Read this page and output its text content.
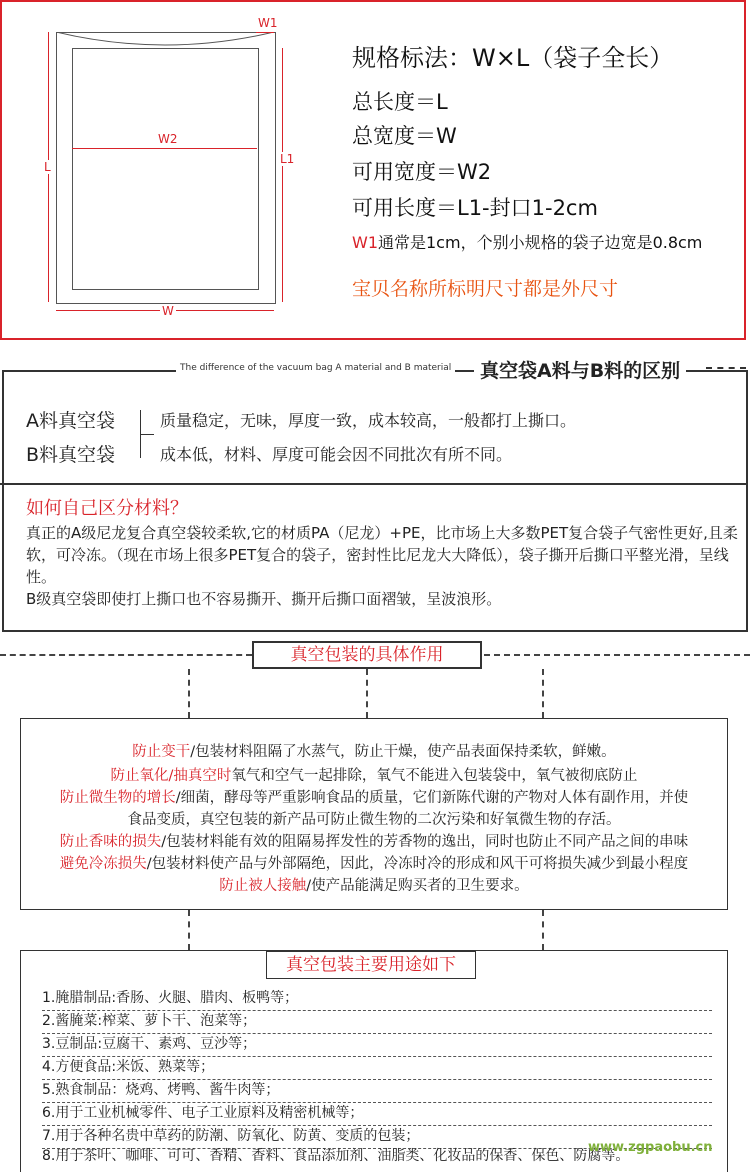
W1
W2
L
L1
W
规格标法：W×L（袋子全长）
总长度＝L
总宽度＝W
可用宽度＝W2
可用长度＝L1-封口1-2cm
W1通常是1cm，个别小规格的袋子边宽是0.8cm
宝贝名称所标明尺寸都是外尺寸
The difference of the vacuum bag A material and B material	真空袋A料与B料的区别
A料真空袋	质量稳定，无味，厚度一致，成本较高，一般都打上撕口。
B料真空袋	成本低，材料、厚度可能会因不同批次有所不同。
如何自己区分材料？

真正的A级尼龙复合真空袋较柔软,它的材质PA（尼龙）+PE，比市场上大多数PET复合袋子气密性更好,且柔软，可冷冻。（现在市场上很多PET复合的袋子，密封性比尼龙大大降低），袋子撕开后撕口平整光滑，呈线性。

B级真空袋即使打上撕口也不容易撕开、撕开后撕口面褶皱，呈波浪形。

真空包装的具体作用
防止变干/包装材料阻隔了水蒸气，防止干燥，使产品表面保持柔软，鲜嫩。
防止氧化/抽真空时氧气和空气一起排除，氧气不能进入包装袋中，氧气被彻底防止
防止微生物的增长/细菌，酵母等严重影响食品的质量，它们新陈代谢的产物对人体有副作用，并使
食品变质，真空包装的新产品可防止微生物的二次污染和好氧微生物的存活。
防止香味的损失/包装材料能有效的阻隔易挥发性的芳香物的逸出，同时也防止不同产品之间的串味
避免冷冻损失/包装材料使产品与外部隔绝，因此，冷冻时冷的形成和风干可将损失减少到最小程度
防止被人接触/使产品能满足购买者的卫生要求。
真空包装主要用途如下
1.腌腊制品:香肠、火腿、腊肉、板鸭等；
2.酱腌菜:榨菜、萝卜干、泡菜等；
3.豆制品:豆腐干、素鸡、豆沙等；
4.方便食品:米饭、熟菜等；
5.熟食制品：烧鸡、烤鸭、酱牛肉等；
6.用于工业机械零件、电子工业原料及精密机械等；
7.用于各种名贵中草药的防潮、防氧化、防黄、变质的包装；
8.用于茶叶、咖啡、可可、香精、香料、食品添加剂、油脂类、化妆品的保香、保色、防腐等。
www.zgpaobu.cn
